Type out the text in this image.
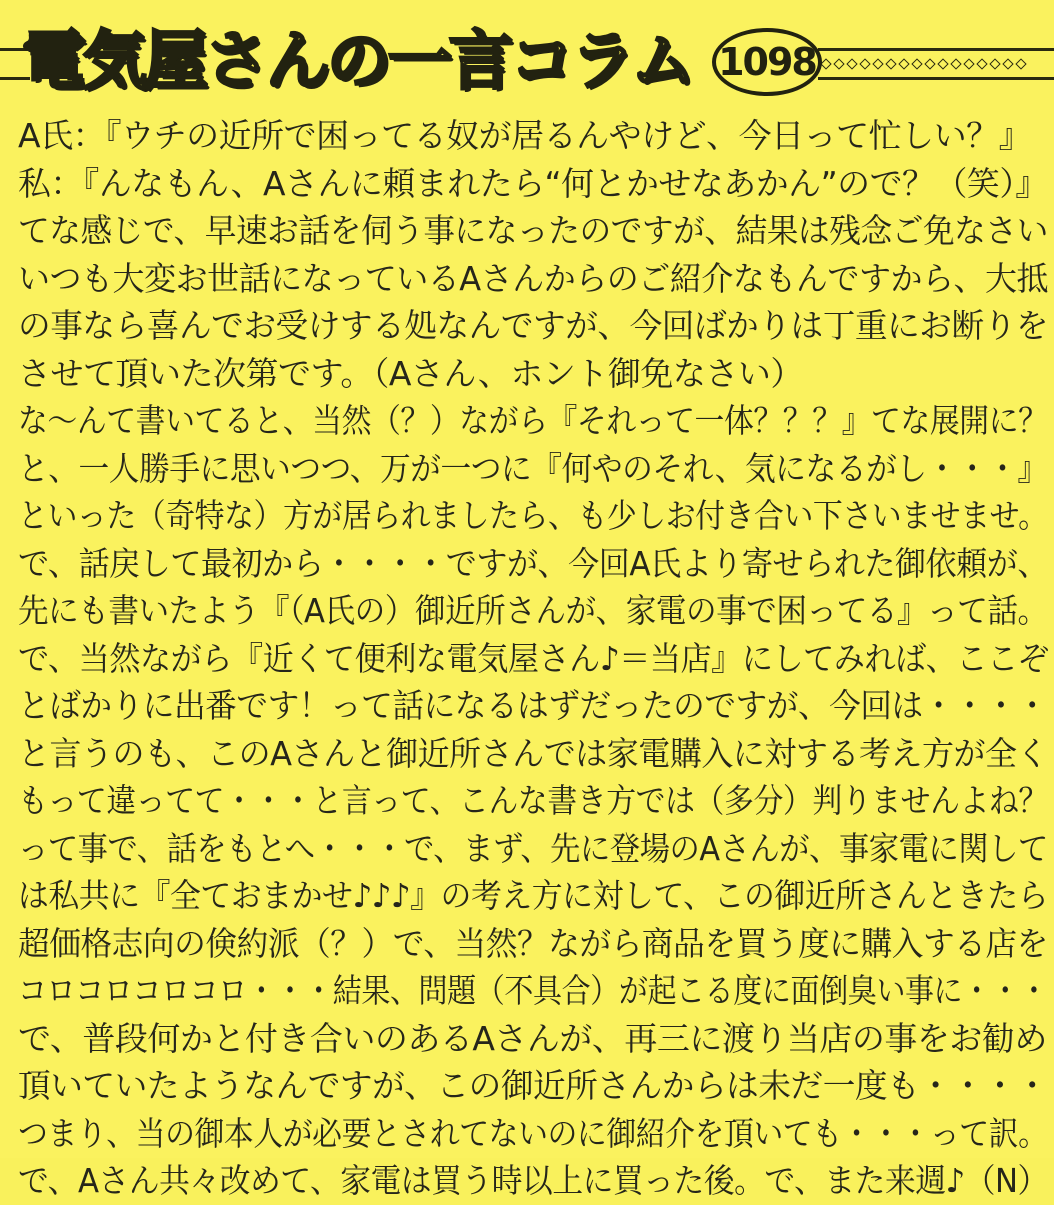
電気屋さんの一言コラム 1098
A氏：『ウチの近所で困ってる奴が居るんやけど、今日って忙しい？』
私：『んなもん、Aさんに頼まれたら“何とかせなあかん”ので？（笑）』
てな感じで、早速お話を伺う事になったのですが、結果は残念ご免なさい
いつも大変お世話になっているAさんからのご紹介なもんですから、大抵
の事なら喜んでお受けする処なんですが、今回ばかりは丁重にお断りを
させて頂いた次第です。（Aさん、ホント御免なさい）
な～んて書いてると、当然（？）ながら『それって一体？？？』てな展開に？
と、一人勝手に思いつつ、万が一つに『何やのそれ、気になるがし・・・』
といった（奇特な）方が居られましたら、も少しお付き合い下さいませませ。
で、話戻して最初から・・・・ですが、今回A氏より寄せられた御依頼が、
先にも書いたよう『（A氏の）御近所さんが、家電の事で困ってる』って話。
で、当然ながら『近くて便利な電気屋さん♪＝当店』にしてみれば、ここぞ
とばかりに出番です！って話になるはずだったのですが、今回は・・・・
と言うのも、このAさんと御近所さんでは家電購入に対する考え方が全く
もって違ってて・・・と言って、こんな書き方では（多分）判りませんよね？
って事で、話をもとへ・・・で、まず、先に登場のAさんが、事家電に関して
は私共に『全ておまかせ♪♪♪』の考え方に対して、この御近所さんときたら
超価格志向の倹約派（？）で、当然？ながら商品を買う度に購入する店を
コロコロコロコロ・・・結果、問題（不具合）が起こる度に面倒臭い事に・・・
で、普段何かと付き合いのあるAさんが、再三に渡り当店の事をお勧め
頂いていたようなんですが、この御近所さんからは未だ一度も・・・・
つまり、当の御本人が必要とされてないのに御紹介を頂いても・・・って訳。
で、Aさん共々改めて、家電は買う時以上に買った後。で、また来週♪（N）
